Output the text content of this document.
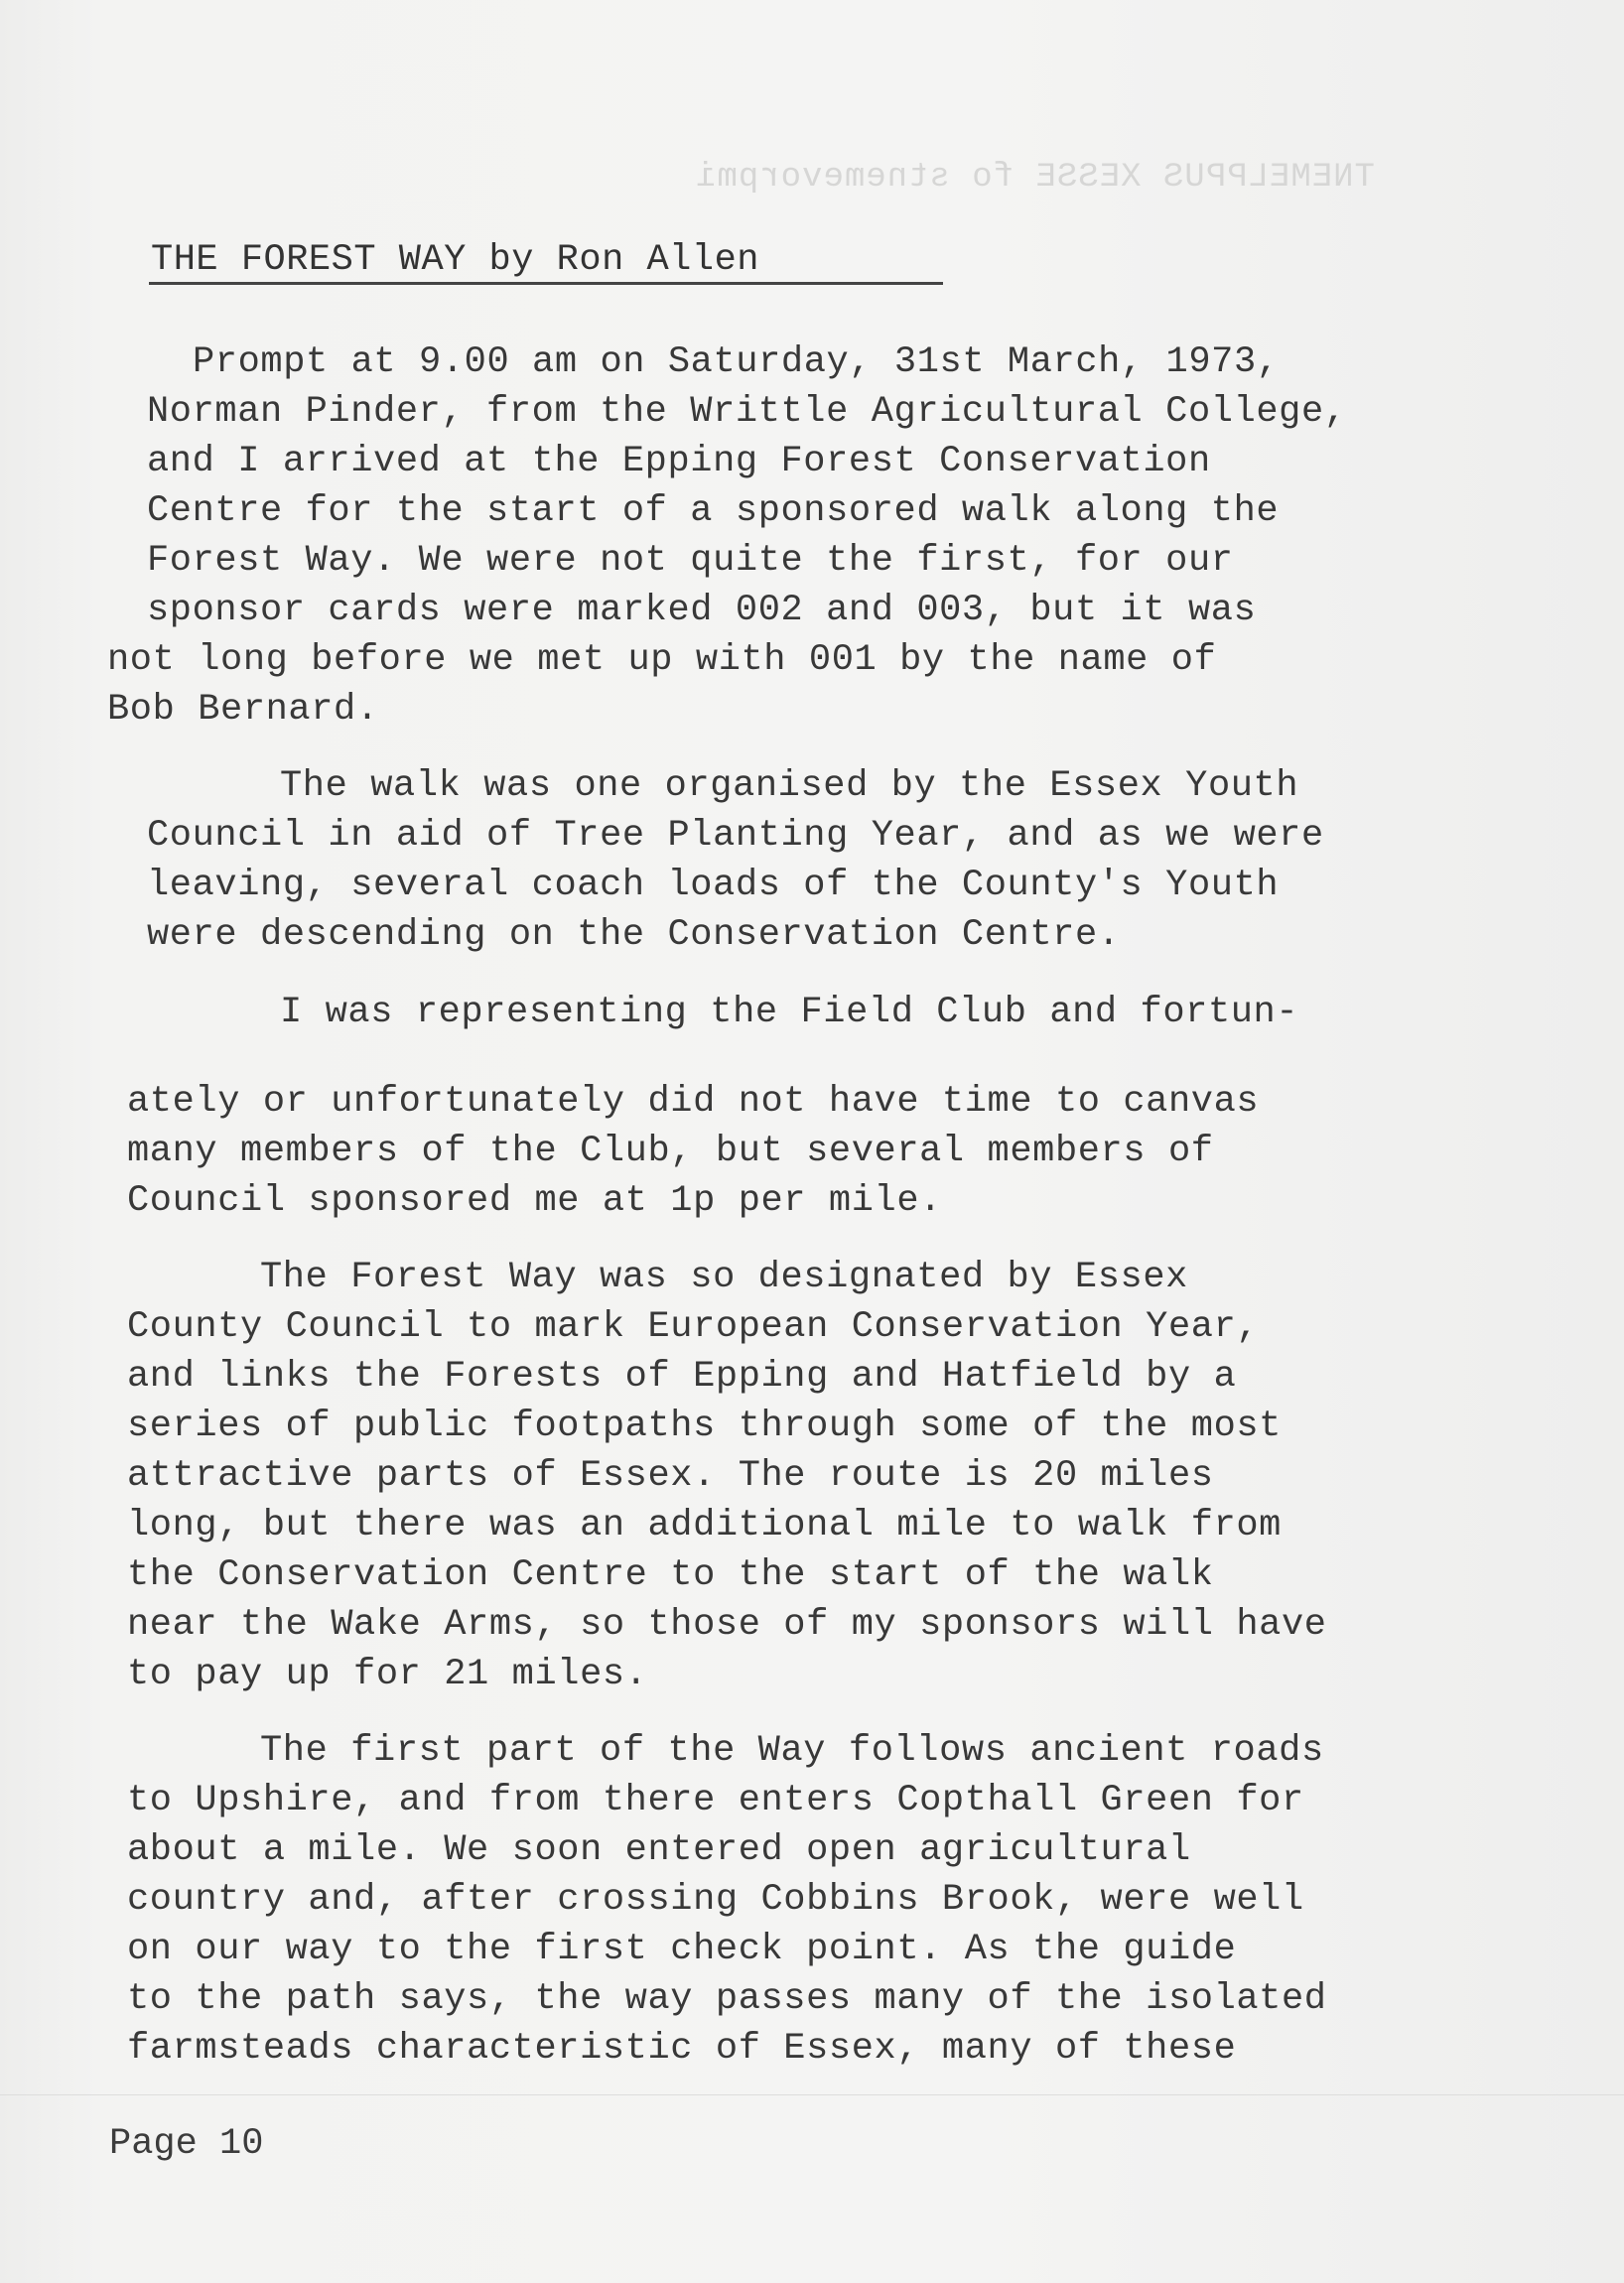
TNEMELPPUS XESSE fo stnemevorpmi
THE FOREST WAY by Ron Allen
Prompt at 9.00 am on Saturday, 31st March, 1973,
Norman Pinder, from the Writtle Agricultural College,
and I arrived at the Epping Forest Conservation
Centre for the start of a sponsored walk along the
Forest Way. We were not quite the first, for our
sponsor cards were marked 002 and 003, but it was
not long before we met up with 001 by the name of
Bob Bernard.
The walk was one organised by the Essex Youth
Council in aid of Tree Planting Year, and as we were
leaving, several coach loads of the County's Youth
were descending on the Conservation Centre.
I was representing the Field Club and fortun-
ately or unfortunately did not have time to canvas
many members of the Club, but several members of
Council sponsored me at 1p per mile.
The Forest Way was so designated by Essex
County Council to mark European Conservation Year,
and links the Forests of Epping and Hatfield by a
series of public footpaths through some of the most
attractive parts of Essex. The route is 20 miles
long, but there was an additional mile to walk from
the Conservation Centre to the start of the walk
near the Wake Arms, so those of my sponsors will have
to pay up for 21 miles.
The first part of the Way follows ancient roads
to Upshire, and from there enters Copthall Green for
about a mile. We soon entered open agricultural
country and, after crossing Cobbins Brook, were well
on our way to the first check point. As the guide
to the path says, the way passes many of the isolated
farmsteads characteristic of Essex, many of these
Page 10
